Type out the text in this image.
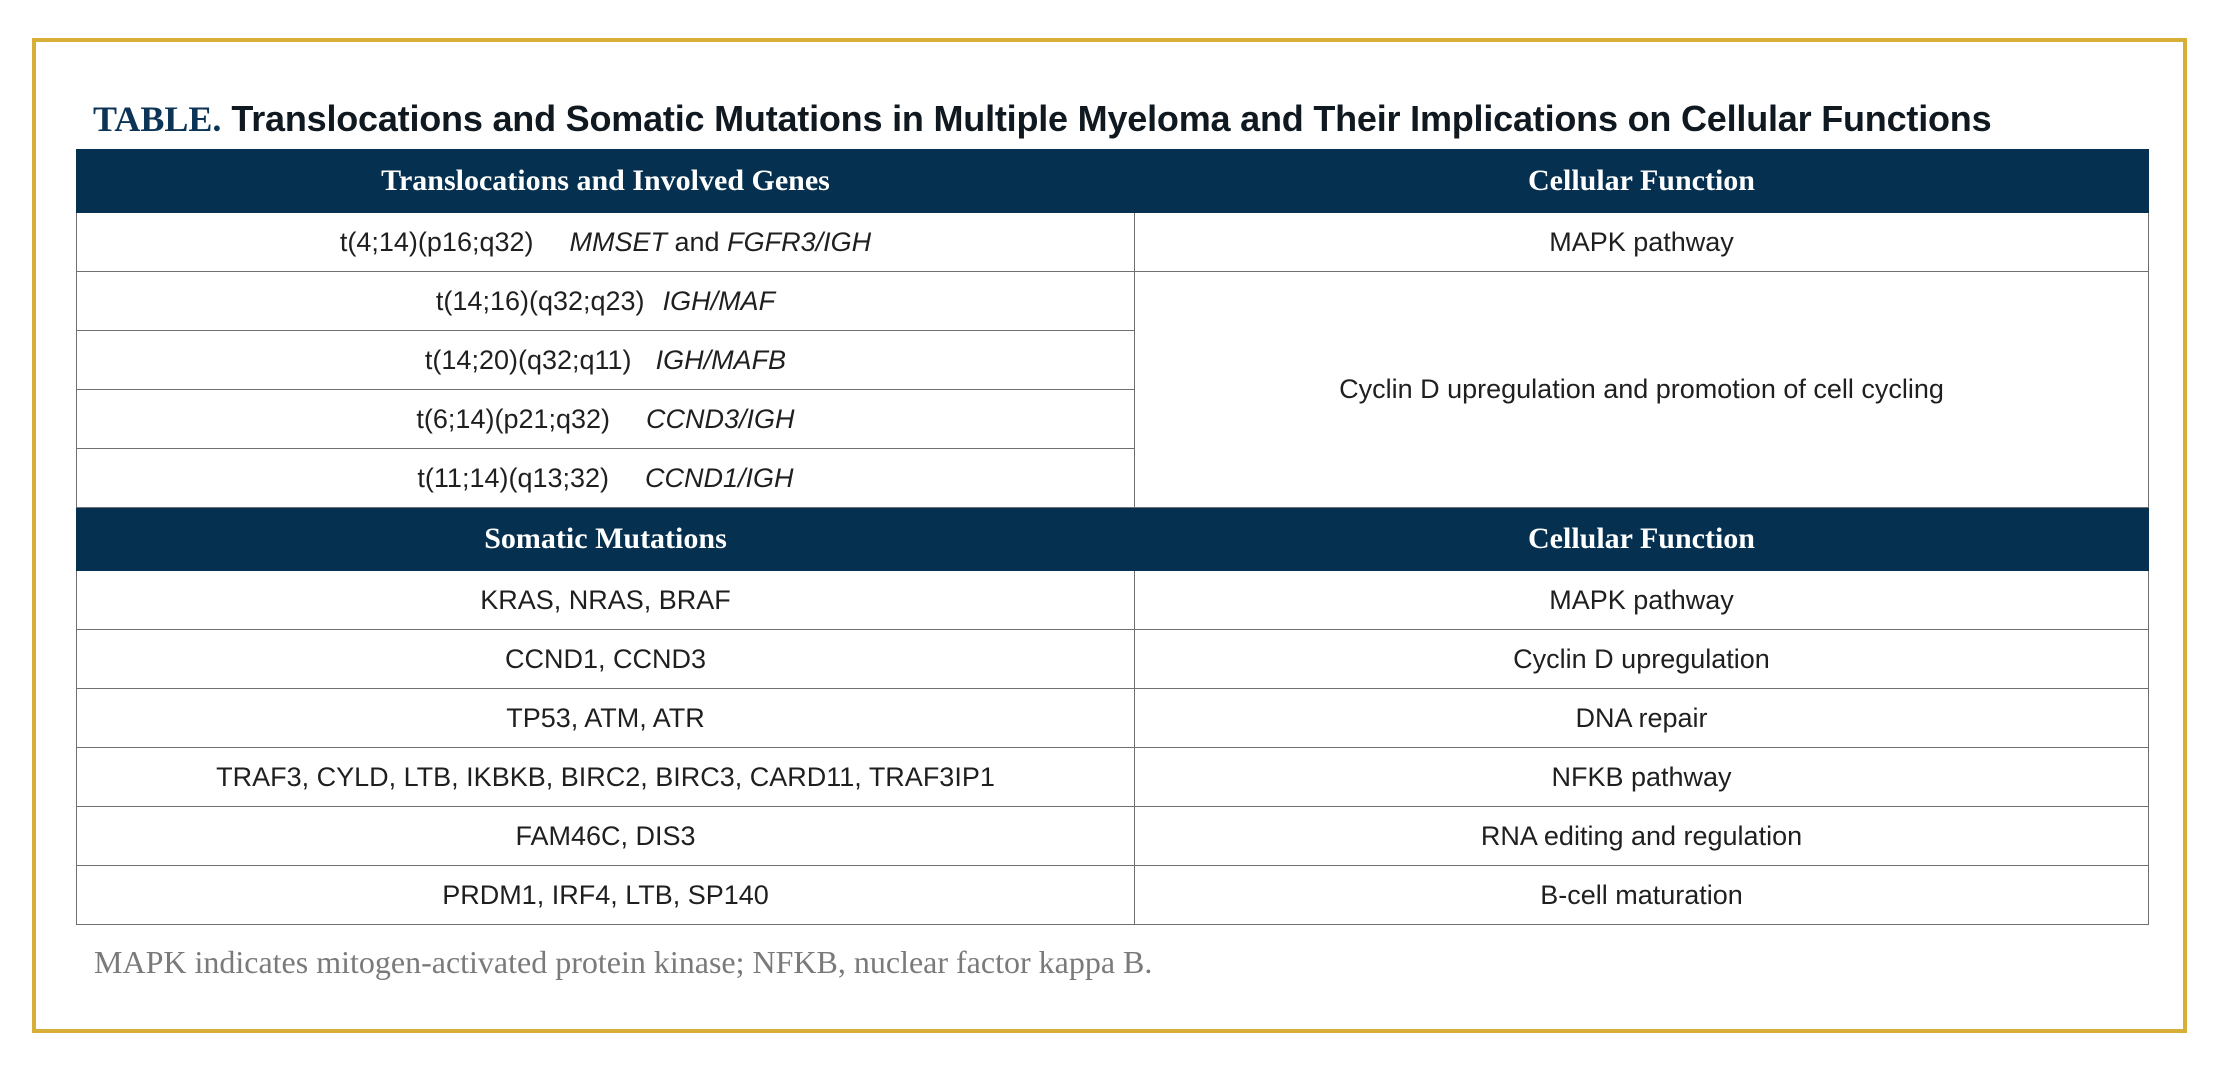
TABLE. Translocations and Somatic Mutations in Multiple Myeloma and Their Implications on Cellular Functions
Translocations and Involved Genes	Cellular Function
t(4;14)(p16;q32) MMSET and FGFR3/IGH	MAPK pathway
t(14;16)(q32;q23) IGH/MAF	Cyclin D upregulation and promotion of cell cycling
t(14;20)(q32;q11) IGH/MAFB	
t(6;14)(p21;q32) CCND3/IGH	
t(11;14)(q13;32) CCND1/IGH	
Somatic Mutations	Cellular Function
KRAS, NRAS, BRAF	MAPK pathway
CCND1, CCND3	Cyclin D upregulation
TP53, ATM, ATR	DNA repair
TRAF3, CYLD, LTB, IKBKB, BIRC2, BIRC3, CARD11, TRAF3IP1	NFKB pathway
FAM46C, DIS3	RNA editing and regulation
PRDM1, IRF4, LTB, SP140	B-cell maturation
MAPK indicates mitogen-activated protein kinase; NFKB, nuclear factor kappa B.
